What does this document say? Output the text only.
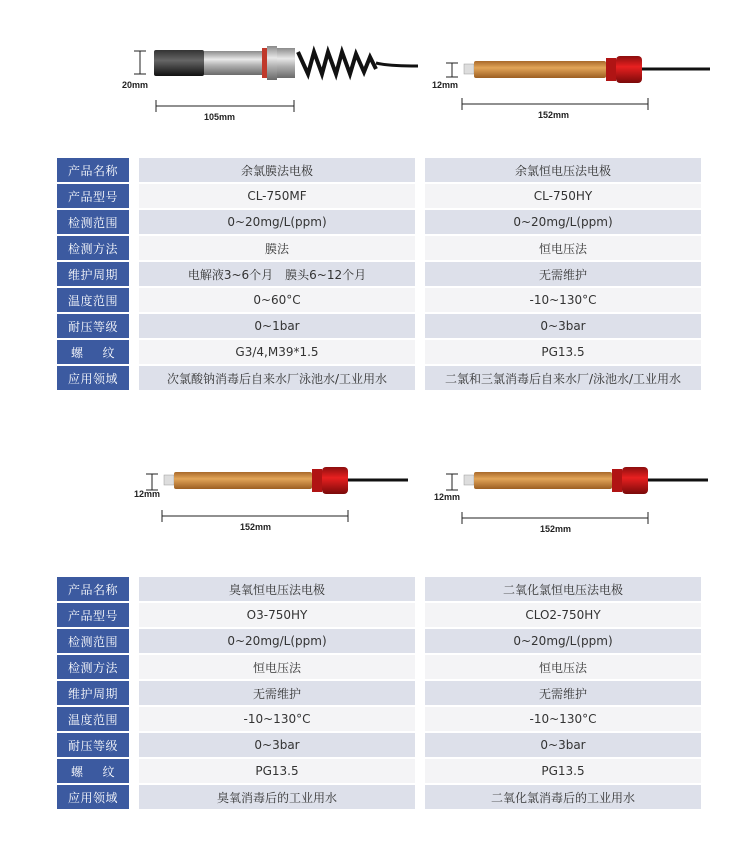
20mm
105mm
12mm
152mm
12mm
152mm
12mm
152mm
产品名称	余氯膜法电极	余氯恒电压法电极
产品型号	CL-750MF	CL-750HY
检测范围	0~20mg/L(ppm)	0~20mg/L(ppm)
检测方法	膜法	恒电压法
维护周期	电解液3~6个月　膜头6~12个月	无需维护
温度范围	0~60°C	-10~130°C
耐压等级	0~1bar	0~3bar
螺 纹	G3/4,M39*1.5	PG13.5
应用领域	次氯酸钠消毒后自来水厂泳池水/工业用水	二氯和三氯消毒后自来水厂/泳池水/工业用水
产品名称	臭氧恒电压法电极	二氧化氯恒电压法电极
产品型号	O3-750HY	CLO2-750HY
检测范围	0~20mg/L(ppm)	0~20mg/L(ppm)
检测方法	恒电压法	恒电压法
维护周期	无需维护	无需维护
温度范围	-10~130°C	-10~130°C
耐压等级	0~3bar	0~3bar
螺 纹	PG13.5	PG13.5
应用领域	臭氧消毒后的工业用水	二氧化氯消毒后的工业用水
